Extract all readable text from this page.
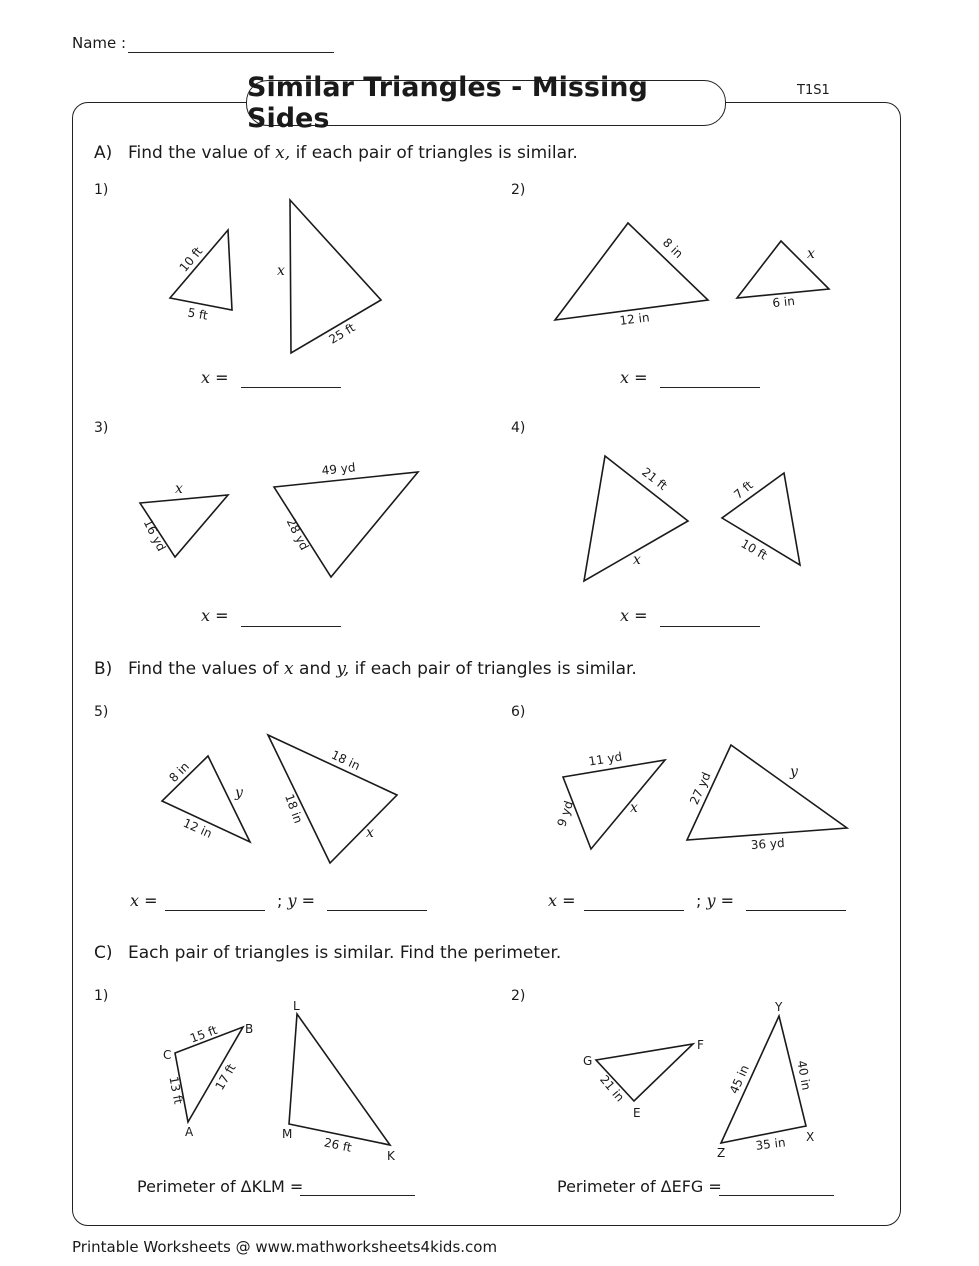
Name :
Similar Triangles - Missing Sides
T1S1
A) Find the value of x, if each pair of triangles is similar.
1)	2)
3)	4)
x =	x =
x =	x =
B) Find the values of x and y, if each pair of triangles is similar.
5)	6)
x =	; y =	x =	; y =
C) Each pair of triangles is similar. Find the perimeter.
1)	2)
Perimeter of ΔKLM =	Perimeter of ΔEFG =
10 ft
5 ft
x
25 ft
8 in
12 in
x
6 in
x
16 yd
49 yd
28 yd
21 ft
x
7 ft
10 ft
8 in
y
12 in
18 in
18 in
x
11 yd
9 yd	x
27 yd	y
36 yd
15 ft
13 ft 17 ft
26 ft
C
B
A
L
M
K
21 in	45 in	40 in
35 in
G
F
E
Y
Z
X
Printable Worksheets @ www.mathworksheets4kids.com
